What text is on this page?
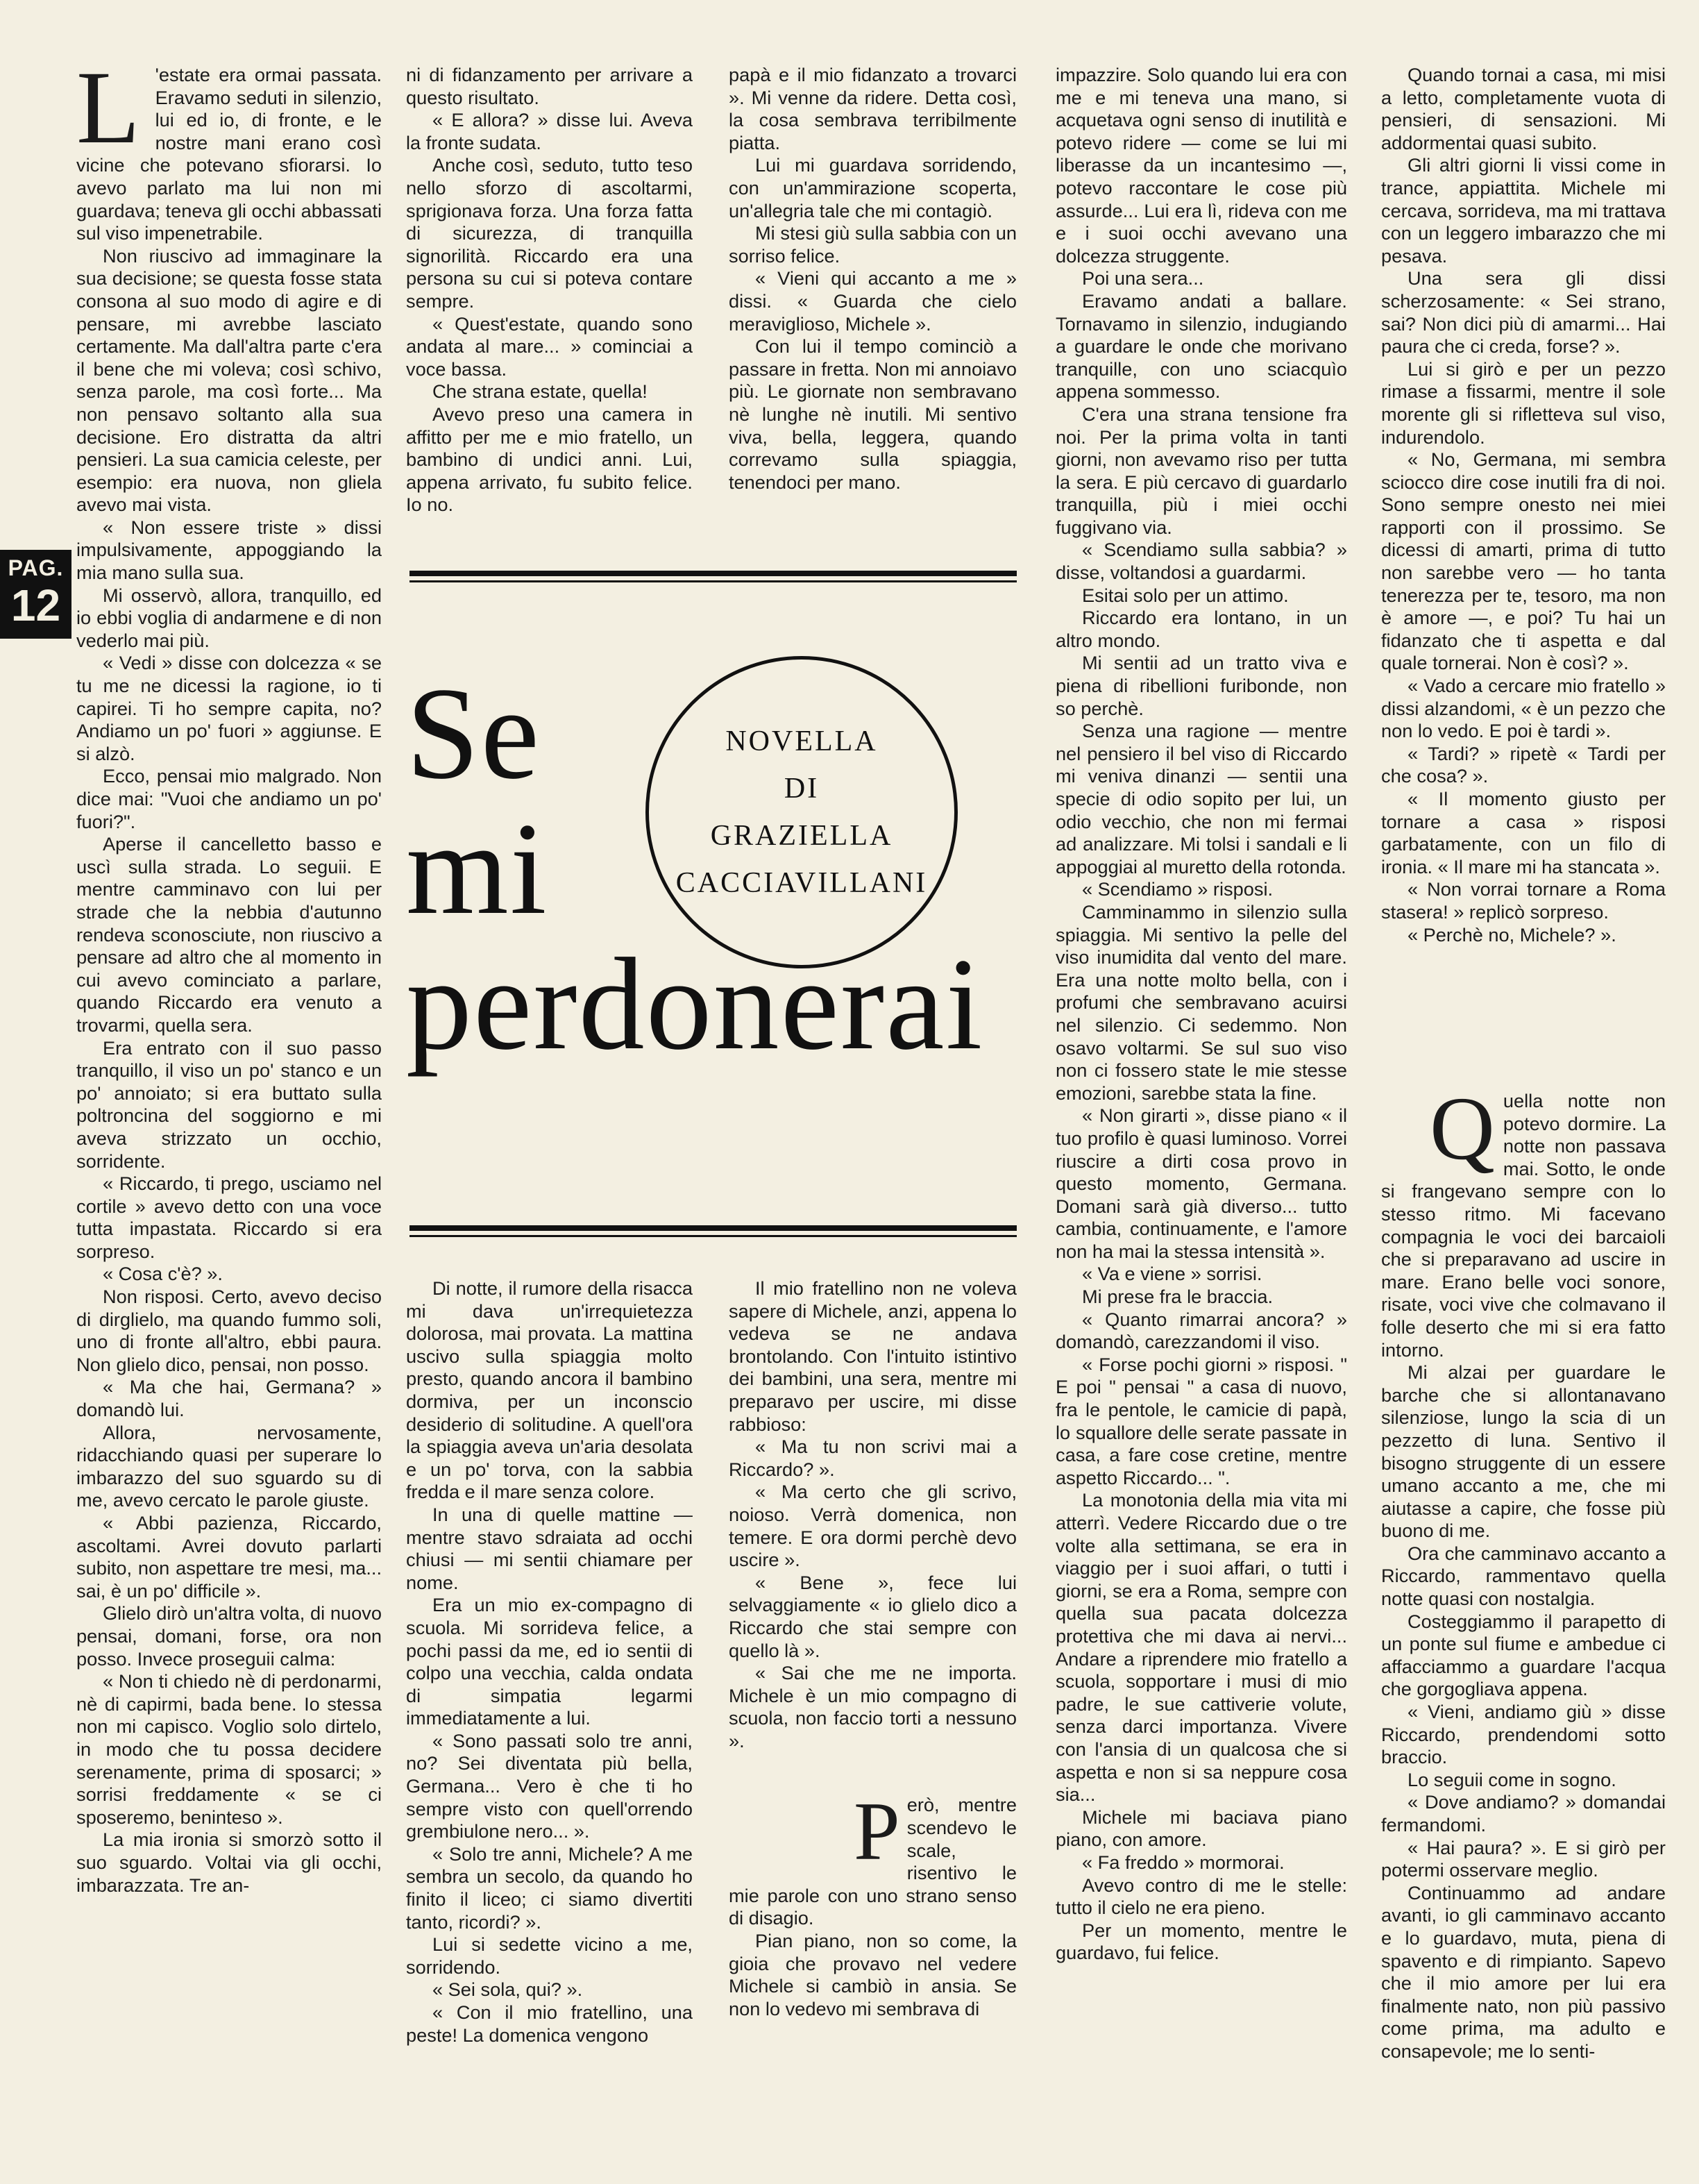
PAG.
12
L 'estate era ormai passata. Eravamo seduti in silenzio, lui ed io, di fronte, e le nostre mani erano così vicine che potevano sfiorarsi. Io avevo parlato ma lui non mi guardava; teneva gli occhi abbassati sul viso impenetrabile.

Non riuscivo ad immaginare la sua decisione; se questa fosse stata consona al suo modo di agire e di pensare, mi avrebbe lasciato certamente. Ma dall'altra parte c'era il bene che mi voleva; così schivo, senza parole, ma così forte... Ma non pensavo soltanto alla sua decisione. Ero distratta da altri pensieri. La sua camicia celeste, per esempio: era nuova, non gliela avevo mai vista.

« Non essere triste » dissi impulsivamente, appoggiando la mia mano sulla sua.

Mi osservò, allora, tranquillo, ed io ebbi voglia di andarmene e di non vederlo mai più.

« Vedi » disse con dolcezza « se tu me ne dicessi la ragione, io ti capirei. Ti ho sempre capita, no? Andiamo un po' fuori » aggiunse. E si alzò.

Ecco, pensai mio malgrado. Non dice mai: "Vuoi che andiamo un po' fuori?".

Aperse il cancelletto basso e uscì sulla strada. Lo seguii. E mentre camminavo con lui per strade che la nebbia d'autunno rendeva sconosciute, non riuscivo a pensare ad altro che al momento in cui avevo cominciato a parlare, quando Riccardo era venuto a trovarmi, quella sera.

Era entrato con il suo passo tranquillo, il viso un po' stanco e un po' annoiato; si era buttato sulla poltroncina del soggiorno e mi aveva strizzato un occhio, sorridente.

« Riccardo, ti prego, usciamo nel cortile » avevo detto con una voce tutta impastata. Riccardo si era sorpreso.

« Cosa c'è? ».

Non risposi. Certo, avevo deciso di dirglielo, ma quando fummo soli, uno di fronte all'altro, ebbi paura. Non glielo dico, pensai, non posso.

« Ma che hai, Germana? » domandò lui.

Allora, nervosamente, ridacchiando quasi per superare lo imbarazzo del suo sguardo su di me, avevo cercato le parole giuste.

« Abbi pazienza, Riccardo, ascoltami. Avrei dovuto parlarti subito, non aspettare tre mesi, ma... sai, è un po' difficile ».

Glielo dirò un'altra volta, di nuovo pensai, domani, forse, ora non posso. Invece proseguii calma:

« Non ti chiedo nè di perdonarmi, nè di capirmi, bada bene. Io stessa non mi capisco. Voglio solo dirtelo, in modo che tu possa decidere serenamente, prima di sposarci; » sorrisi freddamente « se ci sposeremo, beninteso ».

La mia ironia si smorzò sotto il suo sguardo. Voltai via gli occhi, imbarazzata. Tre an-

ni di fidanzamento per arrivare a questo risultato.

« E allora? » disse lui. Aveva la fronte sudata.

Anche così, seduto, tutto teso nello sforzo di ascoltarmi, sprigionava forza. Una forza fatta di sicurezza, di tranquilla signorilità. Riccardo era una persona su cui si poteva contare sempre.

« Quest'estate, quando sono andata al mare... » cominciai a voce bassa.

Che strana estate, quella!

Avevo preso una camera in affitto per me e mio fratello, un bambino di undici anni. Lui, appena arrivato, fu subito felice. Io no.

papà e il mio fidanzato a trovarci ». Mi venne da ridere. Detta così, la cosa sembrava terribilmente piatta.

Lui mi guardava sorridendo, con un'ammirazione scoperta, un'allegria tale che mi contagiò.

Mi stesi giù sulla sabbia con un sorriso felice.

« Vieni qui accanto a me » dissi. « Guarda che cielo meraviglioso, Michele ».

Con lui il tempo cominciò a passare in fretta. Non mi annoiavo più. Le giornate non sembravano nè lunghe nè inutili. Mi sentivo viva, bella, leggera, quando correvamo sulla spiaggia, tenendoci per mano.

Se
mi
perdonerai
NOVELLA
DI
GRAZIELLA
CACCIAVILLANI

Di notte, il rumore della risacca mi dava un'irrequietezza dolorosa, mai provata. La mattina uscivo sulla spiaggia molto presto, quando ancora il bambino dormiva, per un inconscio desiderio di solitudine. A quell'ora la spiaggia aveva un'aria desolata e un po' torva, con la sabbia fredda e il mare senza colore.

In una di quelle mattine — mentre stavo sdraiata ad occhi chiusi — mi sentii chiamare per nome.

Era un mio ex-compagno di scuola. Mi sorrideva felice, a pochi passi da me, ed io sentii di colpo una vecchia, calda ondata di simpatia legarmi immediatamente a lui.

« Sono passati solo tre anni, no? Sei diventata più bella, Germana... Vero è che ti ho sempre visto con quell'orrendo grembiulone nero... ».

« Solo tre anni, Michele? A me sembra un secolo, da quando ho finito il liceo; ci siamo divertiti tanto, ricordi? ».

Lui si sedette vicino a me, sorridendo.

« Sei sola, qui? ».

« Con il mio fratellino, una peste! La domenica vengono

Il mio fratellino non ne voleva sapere di Michele, anzi, appena lo vedeva se ne andava brontolando. Con l'intuito istintivo dei bambini, una sera, mentre mi preparavo per uscire, mi disse rabbioso:

« Ma tu non scrivi mai a Riccardo? ».

« Ma certo che gli scrivo, noioso. Verrà domenica, non temere. E ora dormi perchè devo uscire ».

« Bene », fece lui selvaggiamente « io glielo dico a Riccardo che stai sempre con quello là ».

« Sai che me ne importa. Michele è un mio compagno di scuola, non faccio torti a nessuno ».

P erò, mentre scendevo le scale, risentivo le mie parole con uno strano senso di disagio.

Pian piano, non so come, la gioia che provavo nel vedere Michele si cambiò in ansia. Se non lo vedevo mi sembrava di

impazzire. Solo quando lui era con me e mi teneva una mano, si acquetava ogni senso di inutilità e potevo ridere — come se lui mi liberasse da un incantesimo —, potevo raccontare le cose più assurde... Lui era lì, rideva con me e i suoi occhi avevano una dolcezza struggente.

Poi una sera...

Eravamo andati a ballare. Tornavamo in silenzio, indugiando a guardare le onde che morivano tranquille, con uno sciacquìo appena sommesso.

C'era una strana tensione fra noi. Per la prima volta in tanti giorni, non avevamo riso per tutta la sera. E più cercavo di guardarlo tranquilla, più i miei occhi fuggivano via.

« Scendiamo sulla sabbia? » disse, voltandosi a guardarmi.

Esitai solo per un attimo.

Riccardo era lontano, in un altro mondo.

Mi sentii ad un tratto viva e piena di ribellioni furibonde, non so perchè.

Senza una ragione — mentre nel pensiero il bel viso di Riccardo mi veniva dinanzi — sentii una specie di odio sopito per lui, un odio vecchio, che non mi fermai ad analizzare. Mi tolsi i sandali e li appoggiai al muretto della rotonda.

« Scendiamo » risposi.

Camminammo in silenzio sulla spiaggia. Mi sentivo la pelle del viso inumidita dal vento del mare. Era una notte molto bella, con i profumi che sembravano acuirsi nel silenzio. Ci sedemmo. Non osavo voltarmi. Se sul suo viso non ci fossero state le mie stesse emozioni, sarebbe stata la fine.

« Non girarti », disse piano « il tuo profilo è quasi luminoso. Vorrei riuscire a dirti cosa provo in questo momento, Germana. Domani sarà già diverso... tutto cambia, continuamente, e l'amore non ha mai la stessa intensità ».

« Va e viene » sorrisi.

Mi prese fra le braccia.

« Quanto rimarrai ancora? » domandò, carezzandomi il viso.

« Forse pochi giorni » risposi. " E poi " pensai " a casa di nuovo, fra le pentole, le camicie di papà, lo squallore delle serate passate in casa, a fare cose cretine, mentre aspetto Riccardo... ".

La monotonia della mia vita mi atterrì. Vedere Riccardo due o tre volte alla settimana, se era in viaggio per i suoi affari, o tutti i giorni, se era a Roma, sempre con quella sua pacata dolcezza protettiva che mi dava ai nervi... Andare a riprendere mio fratello a scuola, sopportare i musi di mio padre, le sue cattiverie volute, senza darci importanza. Vivere con l'ansia di un qualcosa che si aspetta e non si sa neppure cosa sia...

Michele mi baciava piano piano, con amore.

« Fa freddo » mormorai.

Avevo contro di me le stelle: tutto il cielo ne era pieno.

Per un momento, mentre le guardavo, fui felice.

Quando tornai a casa, mi misi a letto, completamente vuota di pensieri, di sensazioni. Mi addormentai quasi subito.

Gli altri giorni li vissi come in trance, appiattita. Michele mi cercava, sorrideva, ma mi trattava con un leggero imbarazzo che mi pesava.

Una sera gli dissi scherzosamente: « Sei strano, sai? Non dici più di amarmi... Hai paura che ci creda, forse? ».

Lui si girò e per un pezzo rimase a fissarmi, mentre il sole morente gli si rifletteva sul viso, indurendolo.

« No, Germana, mi sembra sciocco dire cose inutili fra di noi. Sono sempre onesto nei miei rapporti con il prossimo. Se dicessi di amarti, prima di tutto non sarebbe vero — ho tanta tenerezza per te, tesoro, ma non è amore —, e poi? Tu hai un fidanzato che ti aspetta e dal quale tornerai. Non è così? ».

« Vado a cercare mio fratello » dissi alzandomi, « è un pezzo che non lo vedo. E poi è tardi ».

« Tardi? » ripetè « Tardi per che cosa? ».

« Il momento giusto per tornare a casa » risposi garbatamente, con un filo di ironia. « Il mare mi ha stancata ».

« Non vorrai tornare a Roma stasera! » replicò sorpreso.

« Perchè no, Michele? ».

Q uella notte non potevo dormire. La notte non passava mai. Sotto, le onde si frangevano sempre con lo stesso ritmo. Mi facevano compagnia le voci dei barcaioli che si preparavano ad uscire in mare. Erano belle voci sonore, risate, voci vive che colmavano il folle deserto che mi si era fatto intorno.

Mi alzai per guardare le barche che si allontanavano silenziose, lungo la scia di un pezzetto di luna. Sentivo il bisogno struggente di un essere umano accanto a me, che mi aiutasse a capire, che fosse più buono di me.

Ora che camminavo accanto a Riccardo, rammentavo quella notte quasi con nostalgia.

Costeggiammo il parapetto di un ponte sul fiume e ambedue ci affacciammo a guardare l'acqua che gorgogliava appena.

« Vieni, andiamo giù » disse Riccardo, prendendomi sotto braccio.

Lo seguii come in sogno.

« Dove andiamo? » domandai fermandomi.

« Hai paura? ». E si girò per potermi osservare meglio.

Continuammo ad andare avanti, io gli camminavo accanto e lo guardavo, muta, piena di spavento e di rimpianto. Sapevo che il mio amore per lui era finalmente nato, non più passivo come prima, ma adulto e consapevole; me lo senti-
